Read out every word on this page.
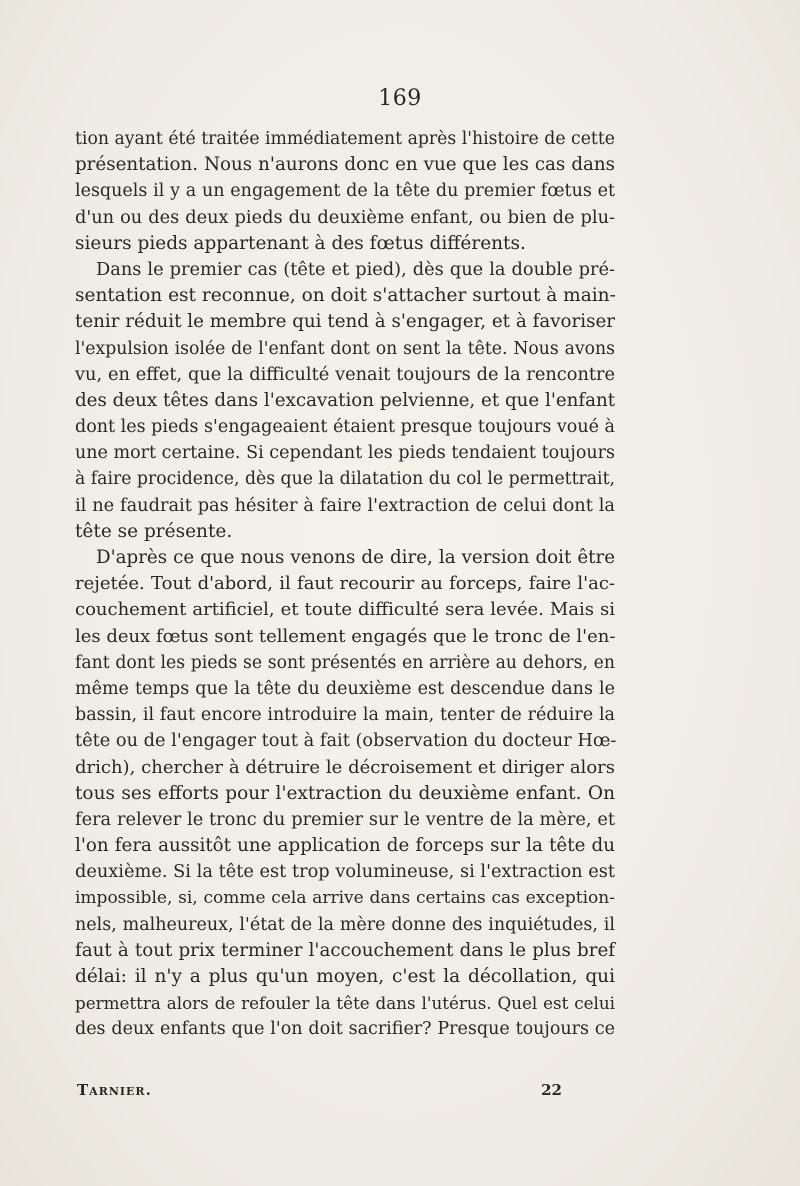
169
tion ayant été traitée immédiatement après l'histoire de cette
présentation. Nous n'aurons donc en vue que les cas dans
lesquels il y a un engagement de la tête du premier fœtus et
d'un ou des deux pieds du deuxième enfant, ou bien de plu-
sieurs pieds appartenant à des fœtus différents.
Dans le premier cas (tête et pied), dès que la double pré-
sentation est reconnue, on doit s'attacher surtout à main-
tenir réduit le membre qui tend à s'engager, et à favoriser
l'expulsion isolée de l'enfant dont on sent la tête. Nous avons
vu, en effet, que la difficulté venait toujours de la rencontre
des deux têtes dans l'excavation pelvienne, et que l'enfant
dont les pieds s'engageaient étaient presque toujours voué à
une mort certaine. Si cependant les pieds tendaient toujours
à faire procidence, dès que la dilatation du col le permettrait,
il ne faudrait pas hésiter à faire l'extraction de celui dont la
tête se présente.
D'après ce que nous venons de dire, la version doit être
rejetée. Tout d'abord, il faut recourir au forceps, faire l'ac-
couchement artificiel, et toute difficulté sera levée. Mais si
les deux fœtus sont tellement engagés que le tronc de l'en-
fant dont les pieds se sont présentés en arrière au dehors, en
même temps que la tête du deuxième est descendue dans le
bassin, il faut encore introduire la main, tenter de réduire la
tête ou de l'engager tout à fait (observation du docteur Hœ-
drich), chercher à détruire le décroisement et diriger alors
tous ses efforts pour l'extraction du deuxième enfant. On
fera relever le tronc du premier sur le ventre de la mère, et
l'on fera aussitôt une application de forceps sur la tête du
deuxième. Si la tête est trop volumineuse, si l'extraction est
impossible, si, comme cela arrive dans certains cas exception-
nels, malheureux, l'état de la mère donne des inquiétudes, il
faut à tout prix terminer l'accouchement dans le plus bref
délai: il n'y a plus qu'un moyen, c'est la décollation, qui
permettra alors de refouler la tête dans l'utérus. Quel est celui
des deux enfants que l'on doit sacrifier? Presque toujours ce
Tarnier.	22
